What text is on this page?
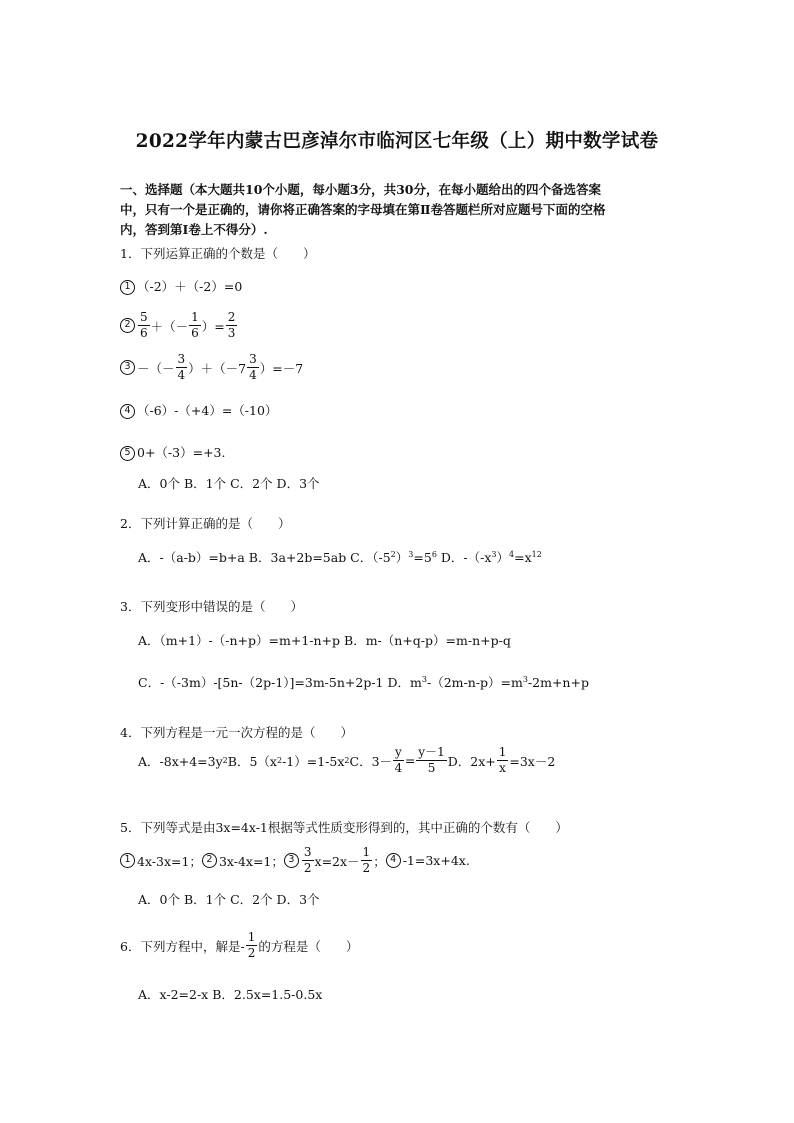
2022学年内蒙古巴彦淖尔市临河区七年级（上）期中数学试卷
一、选择题（本大题共10个小题，每小题3分，共30分，在每小题给出的四个备选答案
中，只有一个是正确的，请你将正确答案的字母填在第Ⅱ卷答题栏所对应题号下面的空格
内，答到第Ⅰ卷上不得分）.
1．下列运算正确的个数是（　　）
1 （-2）＋（-2）=0
2
5
6 ＋（－
1
6 ）= $\frac{2}{3}$
3 －（－
3
4 ）＋（－7
3
4 ）=－7
4 （-6）-（+4）=（-10）
5 0+（-3）=+3.
A．0个 B．1个 C．2个 D．3个
2．下列计算正确的是（　　）
A．-（a-b）=b+a B．3a+2b=5ab C．$(-5^2)^3=5^6$ D．$-(-x^3)^4=x^{12}$
3．下列变形中错误的是（　　）
A．（m+1）-（-n+p）=m+1-n+p B．m-（n+q-p）=m-n+p-q
C．-（-3m）-[5n-（2p-1）]=3m-5n+2p-1 D．$m^3-(2m-n-p)=m^3-2m+n+p$
4．下列方程是一元一次方程的是（　　）
A．-8x+4=3y 2 B．5（x 2 -1）=1-5x 2 C．$3- \frac{y}{4} = \frac{y-1}{5}$ D．$2x+ \frac{1}{x} =3x-2$
5．下列等式是由3x=4x-1根据等式性质变形得到的，其中正确的个数有（　　）
1 4x-3x=1； 2 3x-4x=1； 3
3
2 x=2x－
1
2 ； 4 -1=3x+4x.
A．0个 B．1个 C．2个 D．3个
6．下列方程中，解是-
1
2 的方程是（　　）
A．x-2=2-x B．2.5x=1.5-0.5x
